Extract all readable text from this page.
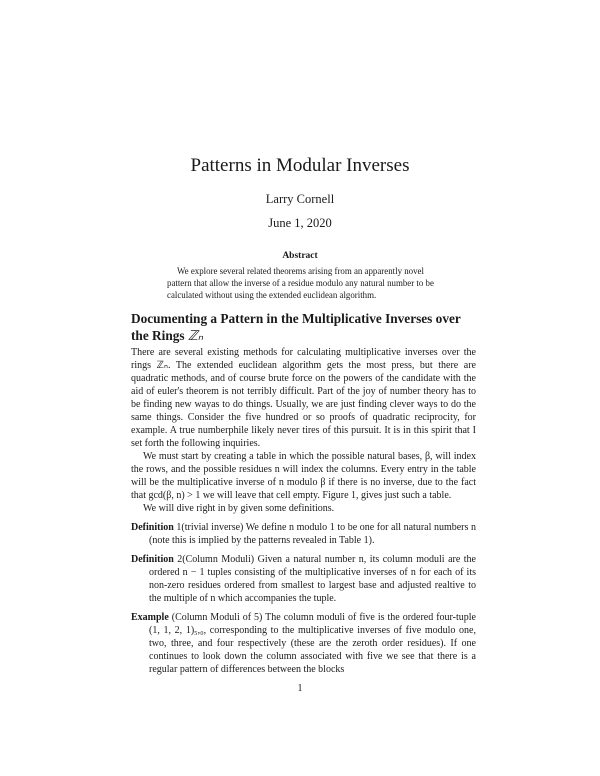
Patterns in Modular Inverses
Larry Cornell
June 1, 2020
Abstract
We explore several related theorems arising from an apparently novel pattern that allow the inverse of a residue modulo any natural number to be calculated without using the extended euclidean algorithm.
Documenting a Pattern in the Multiplicative Inverses over the Rings ℤₙ

There are several existing methods for calculating multiplicative inverses over the rings ℤₙ. The extended euclidean algorithm gets the most press, but there are quadratic methods, and of course brute force on the powers of the candidate with the aid of euler's theorem is not terribly difficult. Part of the joy of number theory has to be finding new wayas to do things. Usually, we are just finding clever ways to do the same things. Consider the five hundred or so proofs of quadratic reciprocity, for example. A true numberphile likely never tires of this pursuit. It is in this spirit that I set forth the following inquiries.

We must start by creating a table in which the possible natural bases, β, will index the rows, and the possible residues n will index the columns. Every entry in the table will be the multiplicative inverse of n modulo β if there is no inverse, due to the fact that gcd(β, n) > 1 we will leave that cell empty. Figure 1, gives just such a table.

We will dive right in by given some definitions.

Definition 1(trivial inverse) We define n modulo 1 to be one for all natural numbers n (note this is implied by the patterns revealed in Table 1).

Definition 2(Column Moduli) Given a natural number n, its column moduli are the ordered n − 1 tuples consisting of the multiplicative inverses of n for each of its non-zero residues ordered from smallest to largest base and adjusted realtive to the multiple of n which accompanies the tuple.

Example (Column Moduli of 5) The column moduli of five is the ordered four-tuple (1, 1, 2, 1)₅,₀, corresponding to the multiplicative inverses of five modulo one, two, three, and four respectively (these are the zeroth order residues). If one continues to look down the column associated with five we see that there is a regular pattern of differences between the blocks

1
